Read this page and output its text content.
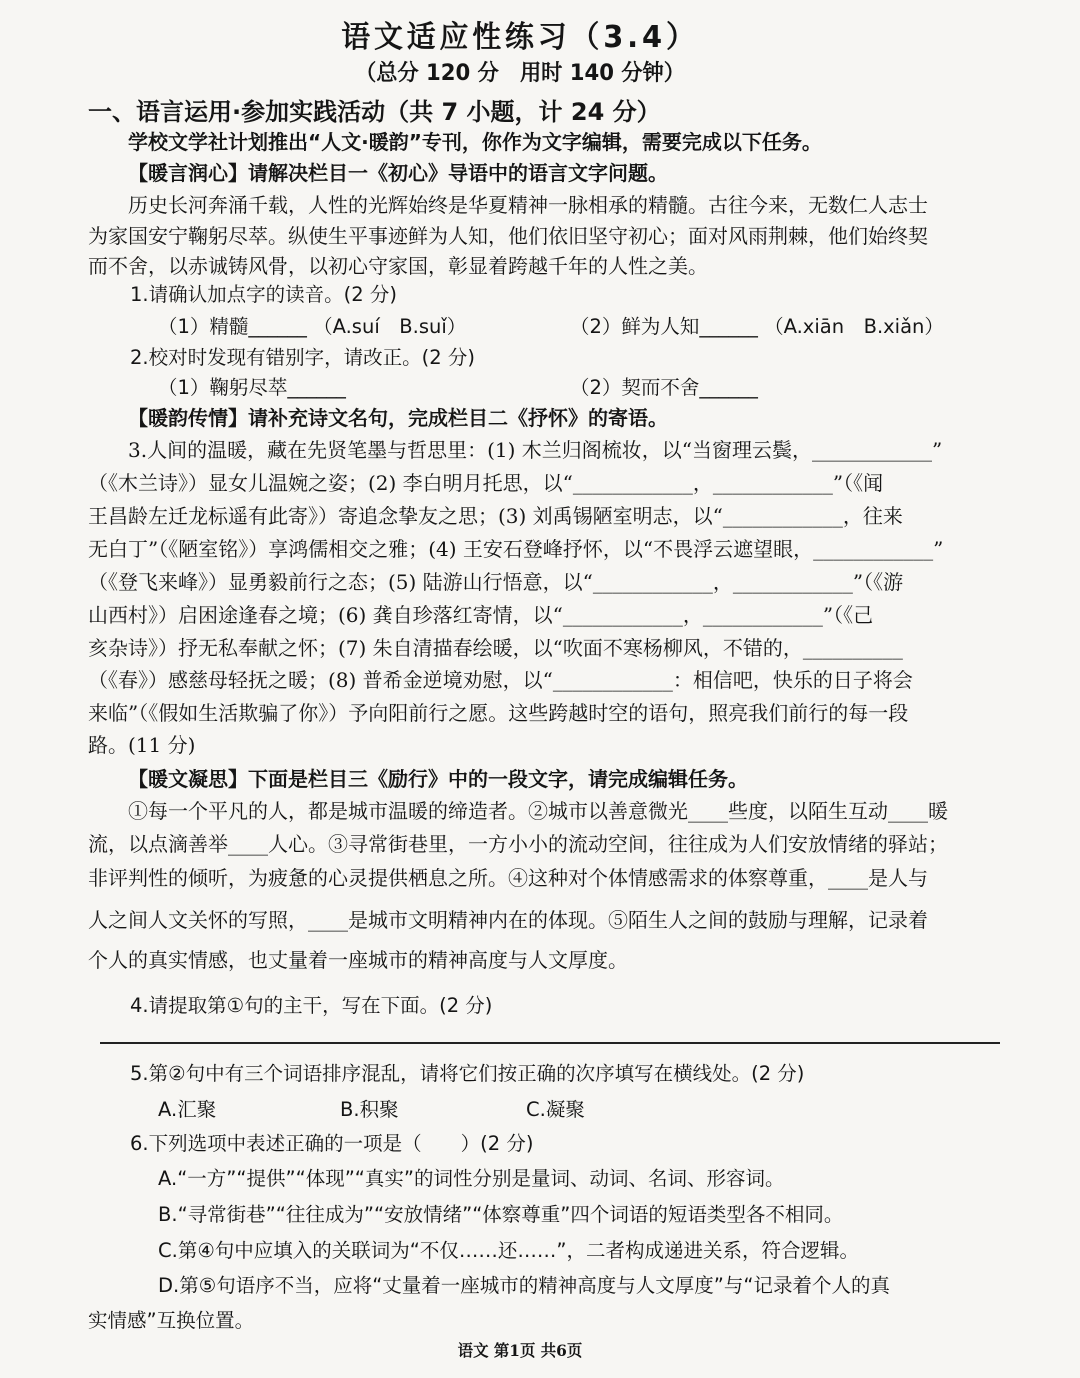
语文适应性练习（3.4）
（总分 120 分　用时 140 分钟）
一、语言运用·参加实践活动（共 7 小题，计 24 分）
学校文学社计划推出“人文·暖韵”专刊，你作为文字编辑，需要完成以下任务。
【暖言润心】请解决栏目一《初心》导语中的语言文字问题。
历史长河奔涌千载，人性的光辉始终是华夏精神一脉相承的精髓。古往今来，无数仁人志士
为家国安宁鞠躬尽萃。纵使生平事迹鲜为人知，他们依旧坚守初心；面对风雨荆棘，他们始终契
而不舍，以赤诚铸风骨，以初心守家国，彰显着跨越千年的人性之美。
1.请确认加点字的读音。(2 分)
（1）精髓______ （A.suí　B.suǐ）	（2）鲜为人知______ （A.xiān　B.xiǎn）
2.校对时发现有错别字，请改正。(2 分)
（1）鞠躬尽萃______	（2）契而不舍______
【暖韵传情】请补充诗文名句，完成栏目二《抒怀》的寄语。
3.人间的温暖，藏在先贤笔墨与哲思里：(1) 木兰归阁梳妆，以“当窗理云鬓，____________”
（《木兰诗》）显女儿温婉之姿；(2) 李白明月托思，以“____________，____________”（《闻
王昌龄左迁龙标遥有此寄》）寄追念挚友之思；(3) 刘禹锡陋室明志，以“____________，往来
无白丁”（《陋室铭》）享鸿儒相交之雅；(4) 王安石登峰抒怀，以“不畏浮云遮望眼，____________”
（《登飞来峰》）显勇毅前行之态；(5) 陆游山行悟意，以“____________，____________”（《游
山西村》）启困途逢春之境；(6) 龚自珍落红寄情，以“____________，____________”（《己
亥杂诗》）抒无私奉献之怀；(7) 朱自清描春绘暖，以“吹面不寒杨柳风，不错的，__________
（《春》）感慈母轻抚之暖；(8) 普希金逆境劝慰，以“____________：相信吧，快乐的日子将会
来临”（《假如生活欺骗了你》）予向阳前行之愿。这些跨越时空的语句，照亮我们前行的每一段
路。(11 分)
【暖文凝思】下面是栏目三《励行》中的一段文字，请完成编辑任务。
①每一个平凡的人，都是城市温暖的缔造者。②城市以善意微光____些度，以陌生互动____暖
流，以点滴善举____人心。③寻常街巷里，一方小小的流动空间，往往成为人们安放情绪的驿站；
非评判性的倾听，为疲惫的心灵提供栖息之所。④这种对个体情感需求的体察尊重，____是人与
人之间人文关怀的写照，____是城市文明精神内在的体现。⑤陌生人之间的鼓励与理解，记录着
个人的真实情感，也丈量着一座城市的精神高度与人文厚度。
4.请提取第①句的主干，写在下面。(2 分)
5.第②句中有三个词语排序混乱，请将它们按正确的次序填写在横线处。(2 分)
A.汇聚	B.积聚	C.凝聚
6.下列选项中表述正确的一项是（　　）(2 分)
A.“一方”“提供”“体现”“真实”的词性分别是量词、动词、名词、形容词。
B.“寻常街巷”“往往成为”“安放情绪”“体察尊重”四个词语的短语类型各不相同。
C.第④句中应填入的关联词为“不仅……还……”，二者构成递进关系，符合逻辑。
D.第⑤句语序不当，应将“丈量着一座城市的精神高度与人文厚度”与“记录着个人的真
实情感”互换位置。
语文 第1页 共6页
